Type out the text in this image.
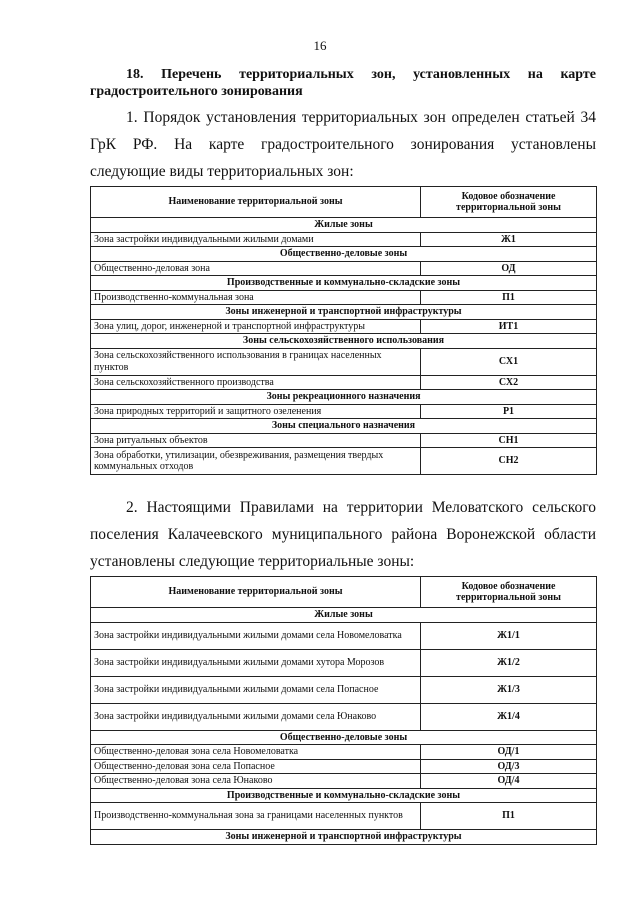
16
18. Перечень территориальных зон, установленных на карте градостроительного зонирования
1. Порядок установления территориальных зон определен статьей 34 ГрК РФ. На карте градостроительного зонирования установлены следующие виды территориальных зон:
Наименование территориальной зоны	Кодовое обозначение территориальной зоны
Жилые зоны	
Зона застройки индивидуальными жилыми домами	Ж1
Общественно-деловые зоны	
Общественно-деловая зона	ОД
Производственные и коммунально-складские зоны	
Производственно-коммунальная зона	П1
Зоны инженерной и транспортной инфраструктуры	
Зона улиц, дорог, инженерной и транспортной инфраструктуры	ИТ1
Зоны сельскохозяйственного использования	
Зона сельскохозяйственного использования в границах населенных пунктов	СХ1
Зона сельскохозяйственного производства	СХ2
Зоны рекреационного назначения	
Зона природных территорий и защитного озеленения	Р1
Зоны специального назначения	
Зона ритуальных объектов	СН1
Зона обработки, утилизации, обезвреживания, размещения твердых коммунальных отходов	СН2
2. Настоящими Правилами на территории Меловатского сельского поселения Калачеевского муниципального района Воронежской области установлены следующие территориальные зоны:
Наименование территориальной зоны	Кодовое обозначение территориальной зоны
Жилые зоны	
Зона застройки индивидуальными жилыми домами села Новомеловатка	Ж1/1
Зона застройки индивидуальными жилыми домами хутора Морозов	Ж1/2
Зона застройки индивидуальными жилыми домами села Попасное	Ж1/3
Зона застройки индивидуальными жилыми домами села Юнаково	Ж1/4
Общественно-деловые зоны	
Общественно-деловая зона села Новомеловатка	ОД/1
Общественно-деловая зона села Попасное	ОД/3
Общественно-деловая зона села Юнаково	ОД/4
Производственные и коммунально-складские зоны	
Производственно-коммунальная зона за границами населенных пунктов	П1
Зоны инженерной и транспортной инфраструктуры	
